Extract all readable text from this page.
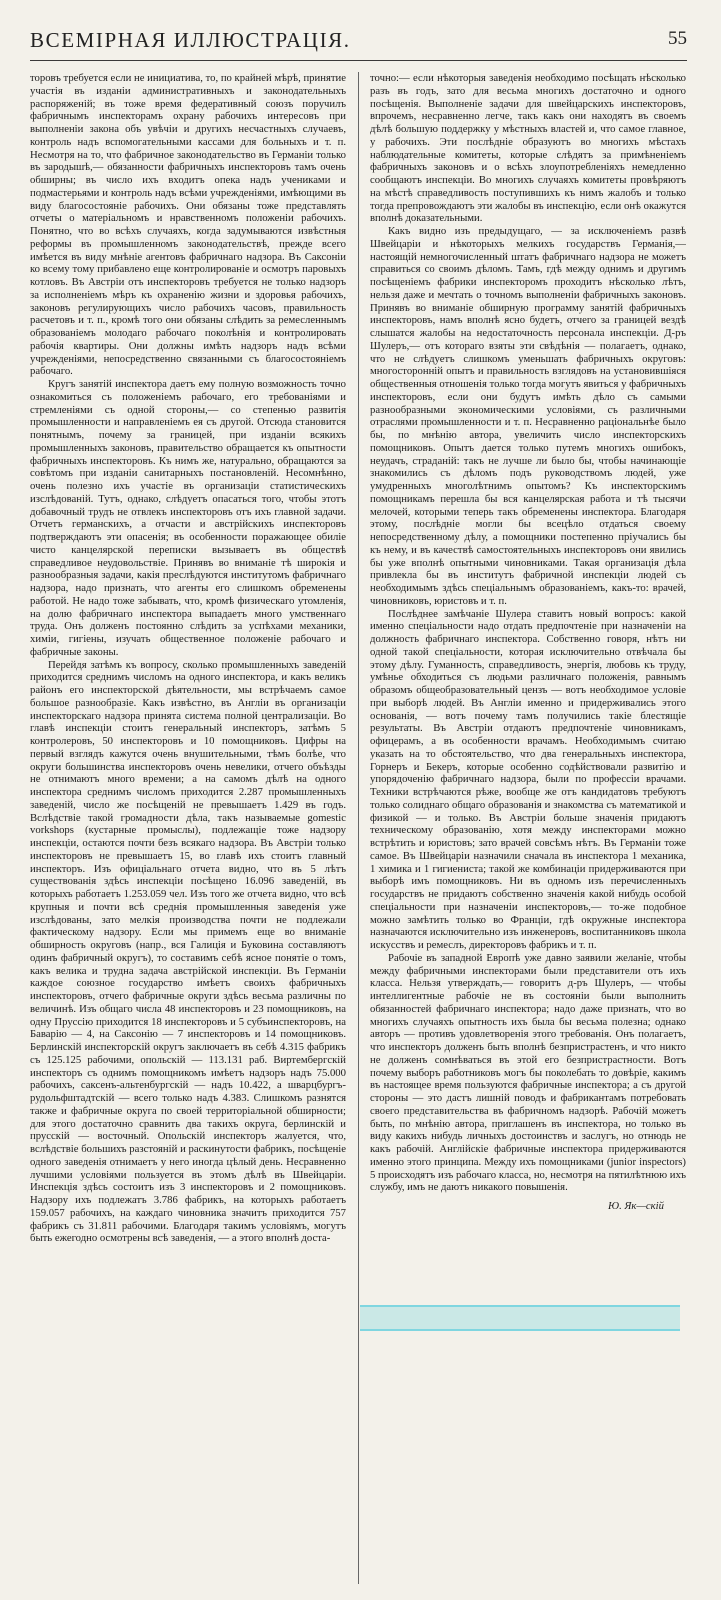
ВСЕМIРНАЯ ИЛЛЮСТРАЦIЯ.	55

торовъ требуется если не инициатива, то, по крайней мѣрѣ, принятие участія въ изданіи административныхъ и законодательныхъ распоряженій; въ тоже время федеративный союзъ поручилъ фабричнымъ инспекторамъ охрану рабочихъ интересовъ при выполненіи закона объ увѣчіи и другихъ несчастныхъ случаевъ, контроль надъ вспомогательными кассами для больныхъ и т. п. Несмотря на то, что фабричное законодательство въ Германіи только въ зародышѣ,— обязанности фабричныхъ инспекторовъ тамъ очень обширны; въ число ихъ входитъ опека надъ учениками и подмастерьями и контроль надъ всѣми учрежденіями, имѣющими въ виду благосостояніе рабочихъ. Они обязаны тоже представлять отчеты о матеріальномъ и нравственномъ положеніи рабочихъ. Понятно, что во всѣхъ случаяхъ, когда задумываются извѣстныя реформы въ промышленномъ законодательствѣ, прежде всего имѣется въ виду мнѣніе агентовъ фабричнаго надзора. Въ Саксоніи ко всему тому прибавлено еще контролированіе и осмотръ паровыхъ котловъ. Въ Австріи отъ инспекторовъ требуется не только надзоръ за исполненіемъ мѣръ къ охраненію жизни и здоровья рабочихъ, законовъ регулирующихъ число рабочихъ часовъ, правильность расчетовъ и т. п., кромѣ того они обязаны слѣдить за ремесленнымъ образованіемъ молодаго рабочаго поколѣнія и контролировать рабочія квартиры. Они должны имѣть надзоръ надъ всѣми учрежденіями, непосредственно связанными съ благосостояніемъ рабочаго.

Кругъ занятій инспектора даетъ ему полную возможность точно ознакомиться съ положеніемъ рабочаго, его требованіями и стремленіями съ одной стороны,— со степенью развитія промышленности и направленіемъ ея съ другой. Отсюда становится понятнымъ, почему за границей, при изданіи всякихъ промышленныхъ законовъ, правительство обращается къ опытности фабричныхъ инспекторовъ. Къ нимъ же, натурально, обращаются за совѣтомъ при изданіи санитарныхъ постановленій. Несомнѣнно, очень полезно ихъ участіе въ организаціи статистическихъ изслѣдованій. Тутъ, однако, слѣдуетъ опасаться того, чтобы этотъ добавочный трудъ не отвлекъ инспекторовъ отъ ихъ главной задачи. Отчетъ германскихъ, а отчасти и австрійскихъ инспекторовъ подтверждаютъ эти опасенія; въ особенности поражающее обиліе чисто канцелярской переписки вызываетъ въ обществѣ справедливое неудовольствіе. Принявъ во вниманіе тѣ широкія и разнообразныя задачи, какія преслѣдуются институтомъ фабричнаго надзора, надо признать, что агенты его слишкомъ обременены работой. Не надо тоже забывать, что, кромѣ физическаго утомленія, на долю фабричнаго инспектора выпадаетъ много умственнаго труда. Онъ долженъ постоянно слѣдить за успѣхами механики, химіи, гигіены, изучать общественное положеніе рабочаго и фабричные законы.

Перейдя затѣмъ къ вопросу, сколько промышленныхъ заведеній приходится среднимъ числомъ на одного инспектора, и какъ великъ районъ его инспекторской дѣятельности, мы встрѣчаемъ самое большое разнообразіе. Какъ извѣстно, въ Англіи въ организаціи инспекторскаго надзора принята система полной централизаціи. Во главѣ инспекціи стоитъ генеральный инспекторъ, затѣмъ 5 контролеровъ, 50 инспекторовъ и 10 помощниковъ. Цифры на первый взглядъ кажутся очень внушительными, тѣмъ болѣе, что округи большинства инспекторовъ очень невелики, отчего объѣзды не отнимаютъ много времени; а на самомъ дѣлѣ на одного инспектора среднимъ числомъ приходится 2.287 промышленныхъ заведеній, число же посѣщеній не превышаетъ 1.429 въ годъ. Вслѣдствіе такой громадности дѣла, такъ называемые gomestic vorkshops (кустарные промыслы), подлежащіе тоже надзору инспекціи, остаются почти безъ всякаго надзора. Въ Австріи только инспекторовъ не превышаетъ 15, во главѣ ихъ стоитъ главный инспекторъ. Изъ офиціальнаго отчета видно, что въ 5 лѣтъ существованія здѣсь инспекціи посѣщено 16.096 заведеній, въ которыхъ работаетъ 1.253.059 чел. Изъ того же отчета видно, что всѣ крупныя и почти всѣ среднія промышленныя заведенія уже изслѣдованы, зато мелкія производства почти не подлежали фактическому надзору. Если мы примемъ еще во вниманіе обширность округовъ (напр., вся Галиція и Буковина составляютъ одинъ фабричный округъ), то составимъ себѣ ясное понятіе о томъ, какъ велика и трудна задача австрійской инспекціи. Въ Германіи каждое союзное государство имѣетъ своихъ фабричныхъ инспекторовъ, отчего фабричные округи здѣсь весьма различны по величинѣ. Изъ общаго числа 48 инспекторовъ и 23 помощниковъ, на одну Пруссію приходится 18 инспекторовъ и 5 субъинспекторовъ, на Баварію — 4, на Саксонію — 7 инспекторовъ и 14 помощниковъ. Берлинскій инспекторскій округъ заключаетъ въ себѣ 4.315 фабрикъ съ 125.125 рабочими, опольскій — 113.131 раб. Виртембергскій инспекторъ съ однимъ помощникомъ имѣетъ надзоръ надъ 75.000 рабочихъ, саксенъ-альтенбургскій — надъ 10.422, а шварцбургъ-рудольфштадтскій — всего только надъ 4.383. Слишкомъ разнятся также и фабричные округа по своей территоріальной обширности; для этого достаточно сравнить два такихъ округа, берлинскій и прусскій — восточный. Опольскій инспекторъ жалуется, что, вслѣдствіе большихъ разстояній и раскинутости фабрикъ, посѣщеніе одного заведенія отнимаетъ у него иногда цѣлый день. Несравненно лучшими условіями пользуется въ этомъ дѣлѣ въ Швейцаріи. Инспекція здѣсь состоитъ изъ 3 инспекторовъ и 2 помощниковъ. Надзору ихъ подлежатъ 3.786 фабрикъ, на которыхъ работаетъ 159.057 рабочихъ, на каждаго чиновника значитъ приходится 757 фабрикъ съ 31.811 рабочими. Благодаря такимъ условіямъ, могутъ быть ежегодно осмотрены всѣ заведенія, — а этого вполнѣ доста-

точно:— если нѣкоторыя заведенія необходимо посѣщать нѣсколько разъ въ годъ, зато для весьма многихъ достаточно и одного посѣщенія. Выполненіе задачи для швейцарскихъ инспекторовъ, впрочемъ, несравненно легче, такъ какъ они находятъ въ своемъ дѣлѣ большую поддержку у мѣстныхъ властей и, что самое главное, у рабочихъ. Эти послѣдніе образуютъ во многихъ мѣстахъ наблюдательные комитеты, которые слѣдятъ за примѣненіемъ фабричныхъ законовъ и о всѣхъ злоупотребленіяхъ немедленно сообщаютъ инспекціи. Во многихъ случаяхъ комитеты провѣряютъ на мѣстѣ справедливость поступившихъ къ нимъ жалобъ и только тогда препровождаютъ эти жалобы въ инспекцію, если онѣ окажутся вполнѣ доказательными.

Какъ видно изъ предыдущаго, — за исключеніемъ развѣ Швейцаріи и нѣкоторыхъ мелкихъ государствъ Германія,—настоящій немногочисленный штатъ фабричнаго надзора не можетъ справиться со своимъ дѣломъ. Тамъ, гдѣ между однимъ и другимъ посѣщеніемъ фабрики инспекторомъ проходитъ нѣсколько лѣтъ, нельзя даже и мечтать о точномъ выполненіи фабричныхъ законовъ. Принявъ во вниманіе обширную программу занятій фабричныхъ инспекторовъ, намъ вполнѣ ясно будетъ, отчего за границей вездѣ слышатся жалобы на недостаточность персонала инспекціи. Д-ръ Шулеръ,— отъ котораго взяты эти свѣдѣнія — полагаетъ, однако, что не слѣдуетъ слишкомъ уменьшать фабричныхъ округовъ: многосторонній опытъ и правильность взглядовъ на установившіяся общественныя отношенія только тогда могутъ явиться у фабричныхъ инспекторовъ, если они будутъ имѣть дѣло съ самыми разнообразными экономическими условіями, съ различными отраслями промышленности и т. п. Несравненно раціональнѣе было бы, по мнѣнію автора, увеличить число инспекторскихъ помощниковъ. Опытъ дается только путемъ многихъ ошибокъ, неудачъ, страданій: такъ не лучше ли было бы, чтобы начинающіе знакомились съ дѣломъ подъ руководствомъ людей, уже умудренныхъ многолѣтнимъ опытомъ? Къ инспекторскимъ помощникамъ перешла бы вся канцелярская работа и тѣ тысячи мелочей, которыми теперь такъ обременены инспектора. Благодаря этому, послѣдніе могли бы всецѣло отдаться своему непосредственному дѣлу, а помощники постепенно пріучались бы къ нему, и въ качествѣ самостоятельныхъ инспекторовъ они явились бы уже вполнѣ опытными чиновниками. Такая организація дѣла привлекла бы въ институтъ фабричной инспекціи людей съ необходимымъ здѣсь спеціальнымъ образованіемъ, какъ-то: врачей, чиновниковъ, юристовъ и т. п.

Послѣднее замѣчаніе Шулера ставитъ новый вопросъ: какой именно спеціальности надо отдать предпочтеніе при назначеніи на должность фабричнаго инспектора. Собственно говоря, нѣтъ ни одной такой спеціальности, которая исключительно отвѣчала бы этому дѣлу. Гуманность, справедливость, энергія, любовь къ труду, умѣнье обходиться съ людьми различнаго положенія, равнымъ образомъ общеобразовательный цензъ — вотъ необходимое условіе при выборѣ людей. Въ Англіи именно и придерживались этого основанія, — вотъ почему тамъ получились такіе блестящіе результаты. Въ Австріи отдаютъ предпочтеніе чиновникамъ, офицерамъ, а въ особенности врачамъ. Необходимымъ считаю указать на то обстоятельство, что два генеральныхъ инспектора, Горнеръ и Бекеръ, которые особенно содѣйствовали развитію и упорядоченію фабричнаго надзора, были по профессіи врачами. Техники встрѣчаются рѣже, вообще же отъ кандидатовъ требуютъ только солиднаго общаго образованія и знакомства съ математикой и физикой — и только. Въ Австріи больше значенія придаютъ техническому образованію, хотя между инспекторами можно встрѣтить и юристовъ; зато врачей совсѣмъ нѣтъ. Въ Германіи тоже самое. Въ Швейцаріи назначили сначала въ инспектора 1 механика, 1 химика и 1 гигиениста; такой же комбинаціи придерживаются при выборѣ имъ помощниковъ. Ни въ одномъ изъ перечисленныхъ государствъ не придаютъ собственно значенія какой нибудь особой спеціальности при назначеніи инспекторовъ,— то-же подобное можно замѣтить только во Франціи, гдѣ окружные инспектора назначаются исключительно изъ инженеровъ, воспитанниковъ школа искусствъ и ремеслъ, директоровъ фабрикъ и т. п.

Рабочіе въ западной Европѣ уже давно заявили желаніе, чтобы между фабричными инспекторами были представители отъ ихъ класса. Нельзя утверждать,— говоритъ д-ръ Шулеръ, — чтобы интеллигентные рабочіе не въ состояніи были выполнить обязанностей фабричнаго инспектора; надо даже признать, что во многихъ случаяхъ опытность ихъ была бы весьма полезна; однако авторъ — противъ удовлетворенія этого требованія. Онъ полагаетъ, что инспекторъ долженъ быть вполнѣ безпристрастенъ, и что никто не долженъ сомнѣваться въ этой его безпристрастности. Вотъ почему выборъ работниковъ могъ бы поколебать то довѣріе, какимъ въ настоящее время пользуются фабричные инспектора; а съ другой стороны — это дастъ лишній поводъ и фабрикантамъ потребовать своего представительства въ фабричномъ надзорѣ. Рабочій можетъ быть, по мнѣнію автора, приглашенъ въ инспектора, но только въ виду какихъ нибудь личныхъ достоинствъ и заслугъ, но отнюдь не какъ рабочій. Англійскіе фабричные инспектора придерживаются именно этого принципа. Между ихъ помощниками (junior inspectors) 5 происходятъ изъ рабочаго класса, но, несмотря на пятилѣтнюю ихъ службу, имъ не даютъ никакого повышенія.

Ю. Як—скій
